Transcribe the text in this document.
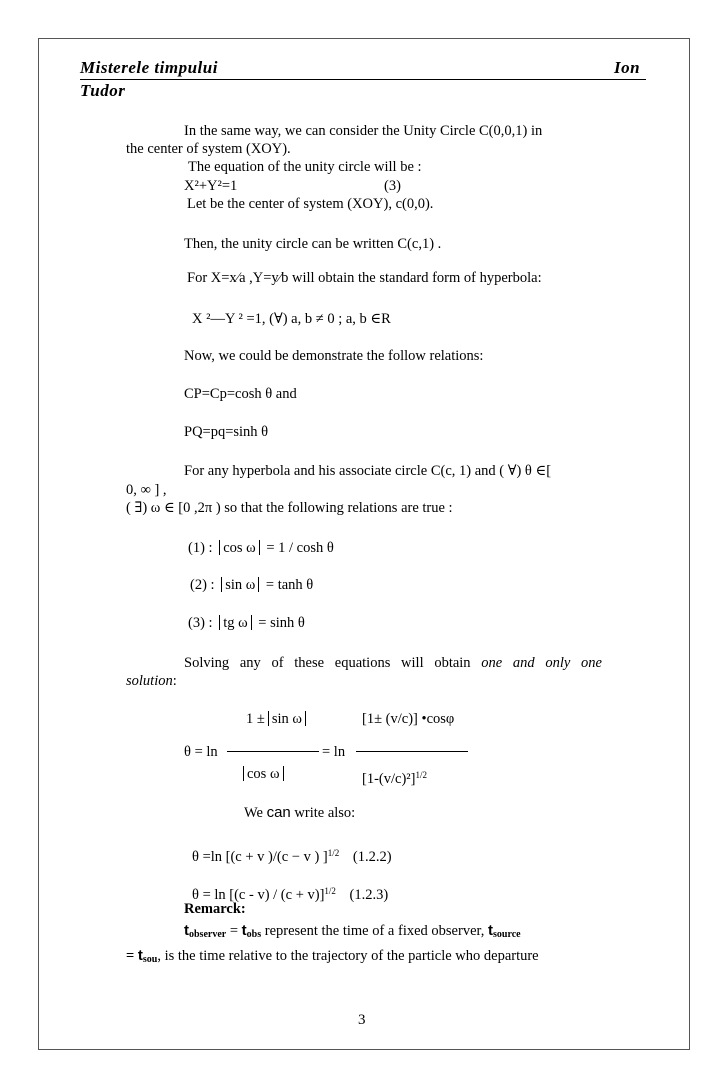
Misterele timpului	Ion
Tudor
In the same way, we can consider the Unity Circle C(0,0,1) in
the center of system (XOY).
The equation of the unity circle will be :
X²+Y²=1	(3)
Let be the center of system (XOY), c(0,0).
Then, the unity circle can be written C(c,1) .
For X=x∕a ,Y=y∕b will obtain the standard form of hyperbola:
X ²—Y ² =1, (∀) a, b ≠ 0 ; a, b ∈R
Now, we could be demonstrate the follow relations:
CP=Cp=cosh θ and
PQ=pq=sinh θ
For any hyperbola and his associate circle C(c, 1) and ( ∀) θ ∈[
0, ∞ ] ,
( ∃) ω ∈ [0 ,2π ) so that the following relations are true :
(1) : cos ω = 1 / cosh θ
(2) : sin ω = tanh θ
(3) : tg ω = sinh θ
Solving any of these equations will obtain one and only one
solution:
1 ± sin ω	[1± (v/c)] •cosφ
θ = ln	= ln
cos ω	$[1-(v/c)^2]^{1/2}$
We can write also:
θ =ln [(c + v )/(c − v ) ]$^{1/2}$ (1.2.2)
$\theta = \ln [(c - v) / (c + v)]^{1/2}$ (1.2.3)
Remarck:
$t_{observer} = t_{obs}$ represent the time of a fixed observer, $t_{source}$
= $t_{sou}$, is the time relative to the trajectory of the particle who departure
3
